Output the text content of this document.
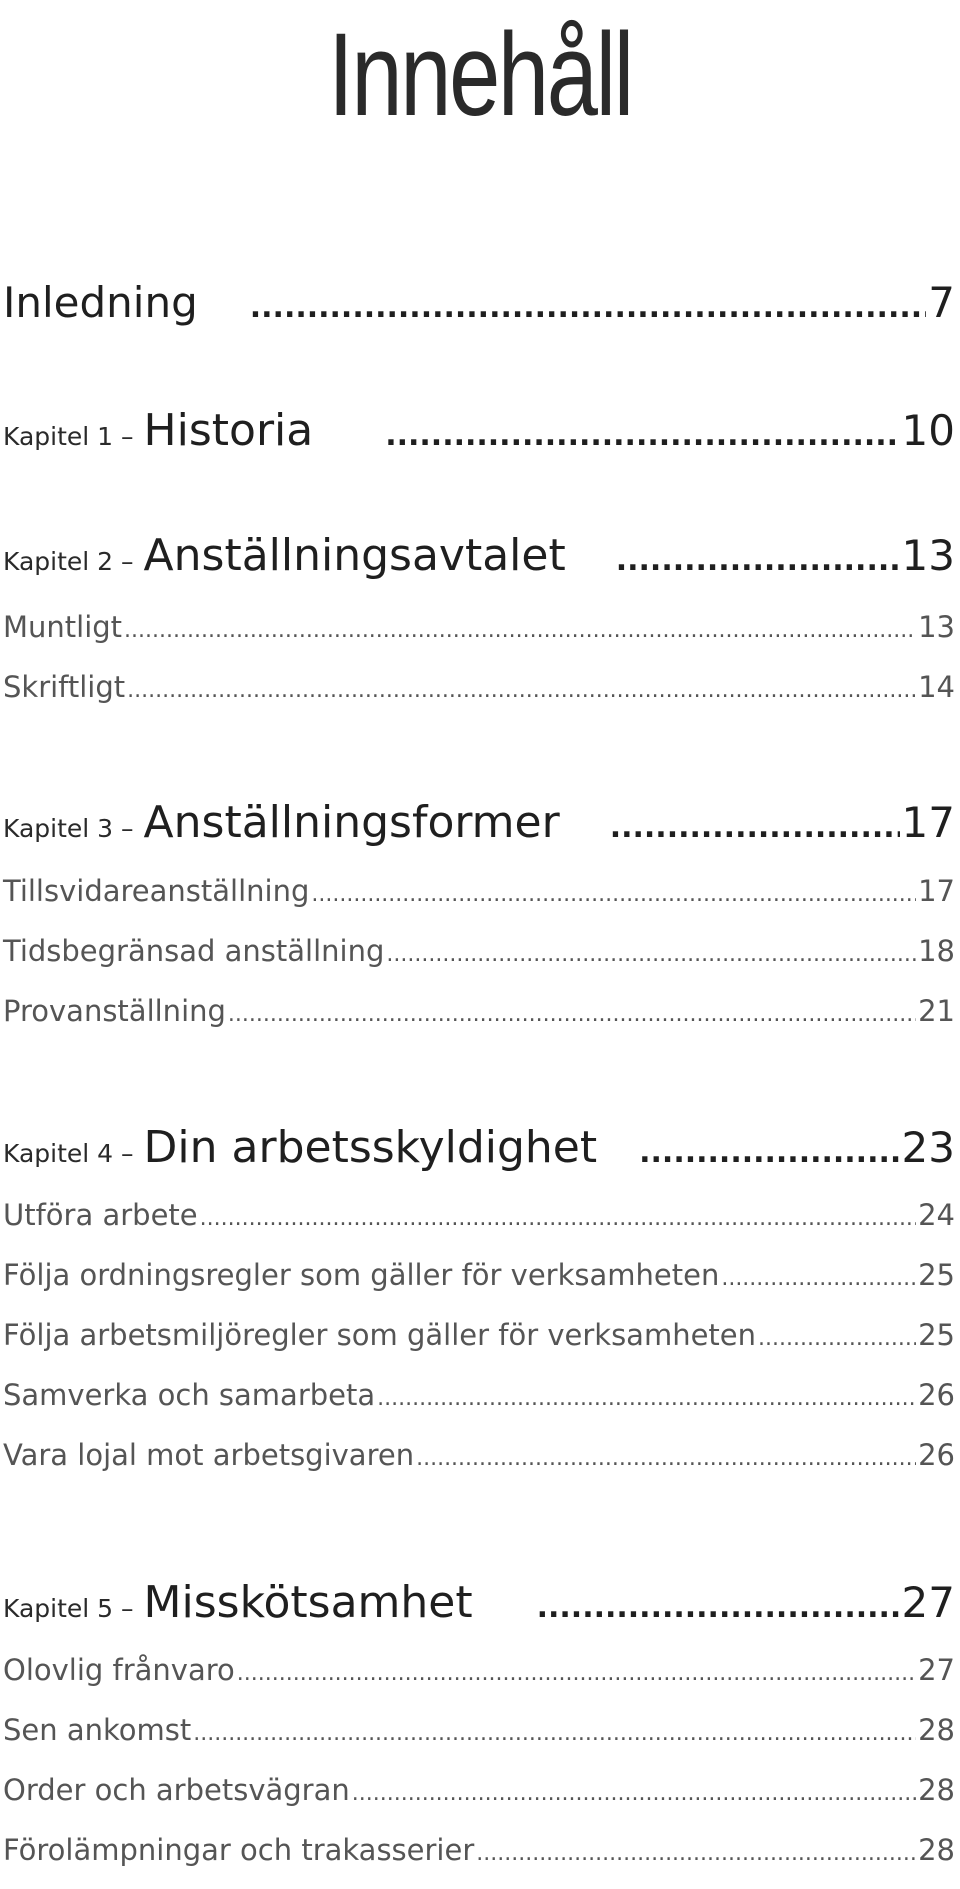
Innehåll
Inledning .....	7
Kapitel 1 – Historia .....	10
Kapitel 2 – Anställningsavtalet .....	13
Muntligt .....	13
Skriftligt .....	14
Kapitel 3 – Anställningsformer .....	17
Tillsvidareanställning .....	17
Tidsbegränsad anställning .....	18
Provanställning .....	21
Kapitel 4 – Din arbetsskyldighet .....	23
Utföra arbete .....	24
Följa ordningsregler som gäller för verksamheten .....	25
Följa arbetsmiljöregler som gäller för verksamheten .....	25
Samverka och samarbeta .....	26
Vara lojal mot arbetsgivaren .....	26
Kapitel 5 – Misskötsamhet .....	27
Olovlig frånvaro .....	27
Sen ankomst .....	28
Order och arbetsvägran .....	28
Förolämpningar och trakasserier .....	28
